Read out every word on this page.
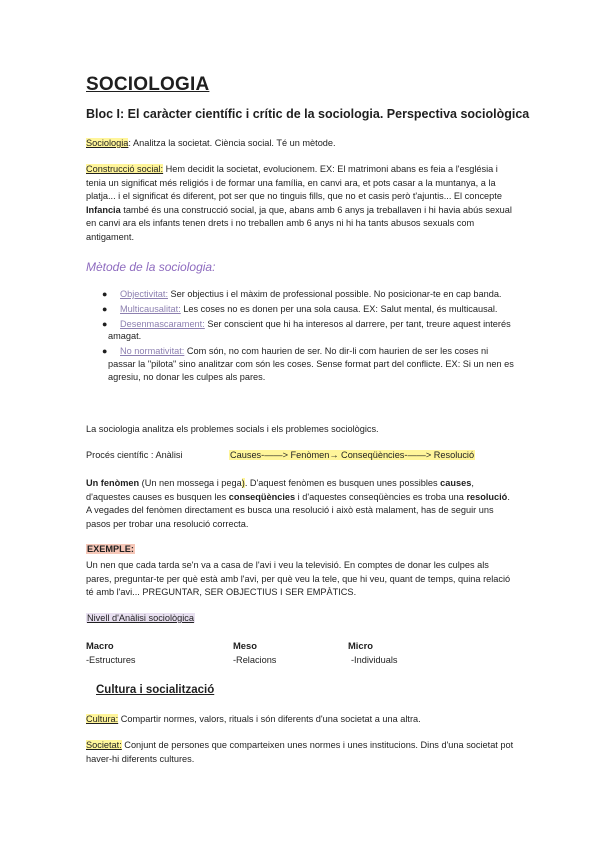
SOCIOLOGIA
Bloc I: El caràcter científic i crític de la sociologia. Perspectiva sociològica

Sociologia: Analitza la societat. Ciència social. Té un mètode.

Construcció social: Hem decidit la societat, evolucionem. EX: El matrimoni abans es feia a l'església i tenia un significat més religiós i de formar una família, en canvi ara, et pots casar a la muntanya, a la platja... i el significat és diferent, pot ser que no tinguis fills, que no et casis però t'ajuntis... El concepte Infancia també és una construcció social, ja que, abans amb 6 anys ja treballaven i hi havia abús sexual en canvi ara els infants tenen drets i no treballen amb 6 anys ni hi ha tants abusos sexuals com antigament.

Mètode de la sociologia:
● Objectivitat: Ser objectius i el màxim de professional possible. No posicionar-te en cap banda.
● Multicausalitat: Les coses no es donen per una sola causa. EX: Salut mental, és multicausal.
● Desenmascarament: Ser conscient que hi ha interesos al darrere, per tant, treure aquest interés amagat.
● No normativitat: Com són, no com haurien de ser. No dir-li com haurien de ser les coses ni passar la "pilota" sino analitzar com són les coses. Sense format part del conflicte. EX: Si un nen es agresiu, no donar les culpes als pares.

La sociologia analitza els problemes socials i els problemes sociològics.

Procés científic : Anàlisi	Causes-——> Fenòmen→ Conseqüències-——> Resolució

Un fenòmen (Un nen mossega i pega). D'aquest fenòmen es busquen unes possibles causes, d'aquestes causes es busquen les conseqüències i d'aquestes conseqüències es troba una resolució. A vegades del fenòmen directament es busca una resolució i això està malament, has de seguir uns pasos per trobar una resolució correcta.

EXEMPLE:

Un nen que cada tarda se'n va a casa de l'avi i veu la televisió. En comptes de donar les culpes als pares, preguntar-te per què està amb l'avi, per què veu la tele, que hi veu, quant de temps, quina relació té amb l'avi... PREGUNTAR, SER OBJECTIUS I SER EMPÀTICS.

Nivell d'Anàlisi sociològica
Macro
-Estructures
Meso
-Relacions
Micro
-Individuals
Cultura i socialització

Cultura: Compartir normes, valors, rituals i són diferents d'una societat a una altra.

Societat: Conjunt de persones que comparteixen unes normes i unes institucions. Dins d'una societat pot haver-hi diferents cultures.
